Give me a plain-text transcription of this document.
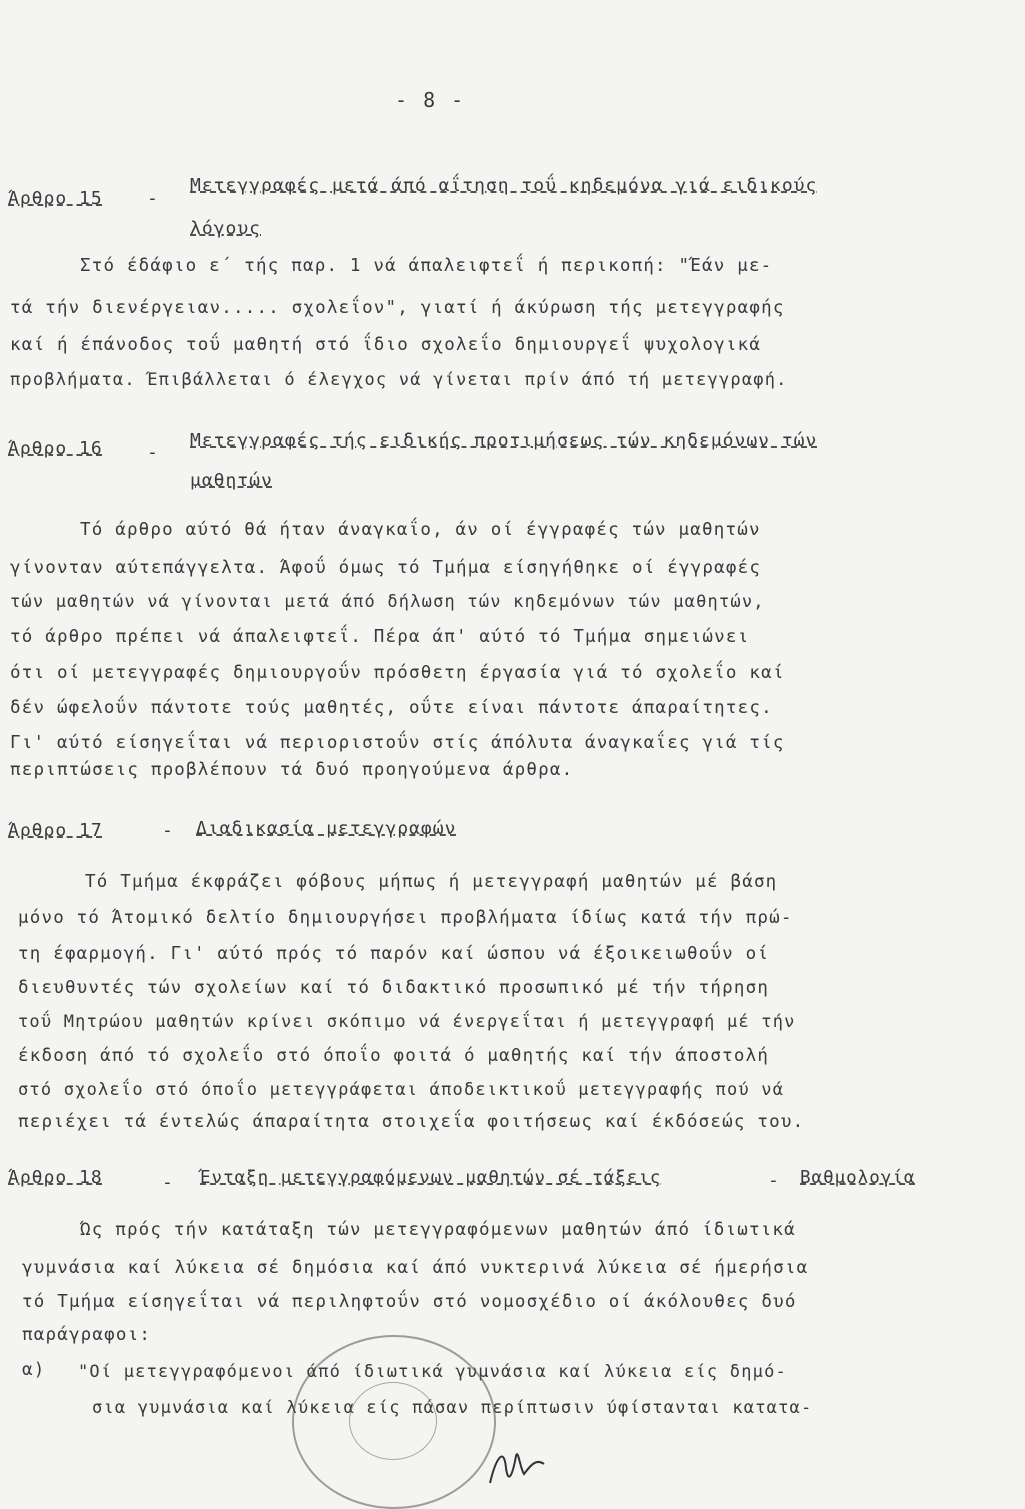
- 8 -
Άρθρο 15 -
Μετεγγραφές μετά άπό αΐτηση τοΰ κηδεμόνα γιά ειδικούς
λόγους
Στό έδάφιο ε΄ τής παρ. 1 νά άπαλειφτεΐ ή περικοπή: "Έάν με-
τά τήν διενέργειαν..... σχολεΐον", γιατί ή άκύρωση τής μετεγγραφής
καί ή έπάνοδος τοΰ μαθητή στό ΐδιο σχολεΐο δημιουργεΐ ψυχολογικά
προβλήματα. Έπιβάλλεται ό έλεγχος νά γίνεται πρίν άπό τή μετεγγραφή.
Άρθρο 16 -
Μετεγγραφές τής ειδικής προτιμήσεως τών κηδεμόνων τών
μαθητών
Τό άρθρο αύτό θά ήταν άναγκαΐο, άν οί έγγραφές τών μαθητών
γίνονταν αύτεπάγγελτα. Άφοΰ όμως τό Τμήμα είσηγήθηκε οί έγγραφές
τών μαθητών νά γίνονται μετά άπό δήλωση τών κηδεμόνων τών μαθητών,
τό άρθρο πρέπει νά άπαλειφτεΐ. Πέρα άπ' αύτό τό Τμήμα σημειώνει
ότι οί μετεγγραφές δημιουργοΰν πρόσθετη έργασία γιά τό σχολεΐο καί
δέν ώφελοΰν πάντοτε τούς μαθητές, οΰτε είναι πάντοτε άπαραίτητες.
Γι' αύτό είσηγεΐται νά περιοριστοΰν στίς άπόλυτα άναγκαΐες γιά τίς
περιπτώσεις προβλέπουν τά δυό προηγούμενα άρθρα.
Άρθρο 17	- Διαδικασία μετεγγραφών
Τό Τμήμα έκφράζει φόβους μήπως ή μετεγγραφή μαθητών μέ βάση
μόνο τό Άτομικό δελτίο δημιουργήσει προβλήματα ίδίως κατά τήν πρώ-
τη έφαρμογή. Γι' αύτό πρός τό παρόν καί ώσπου νά έξοικειωθοΰν οί
διευθυντές τών σχολείων καί τό διδακτικό προσωπικό μέ τήν τήρηση
τοΰ Μητρώου μαθητών κρίνει σκόπιμο νά ένεργεΐται ή μετεγγραφή μέ τήν
έκδοση άπό τό σχολεΐο στό όποΐο φοιτά ό μαθητής καί τήν άποστολή
στό σχολεΐο στό όποΐο μετεγγράφεται άποδεικτικοΰ μετεγγραφής πού νά
περιέχει τά έντελώς άπαραίτητα στοιχεΐα φοιτήσεως καί έκδόσεώς του.
Άρθρο 18	- Ένταξη μετεγγραφόμενων μαθητών σέ τάξεις	- Βαθμολογία
Ώς πρός τήν κατάταξη τών μετεγγραφόμενων μαθητών άπό ίδιωτικά
γυμνάσια καί λύκεια σέ δημόσια καί άπό νυκτερινά λύκεια σέ ήμερήσια
τό Τμήμα είσηγεΐται νά περιληφτοΰν στό νομοσχέδιο οί άκόλουθες δυό
παράγραφοι:
α) "Οί μετεγγραφόμενοι άπό ίδιωτικά γυμνάσια καί λύκεια είς δημό-
σια γυμνάσια καί λύκεια είς πάσαν περίπτωσιν ύφίστανται κατατα-
